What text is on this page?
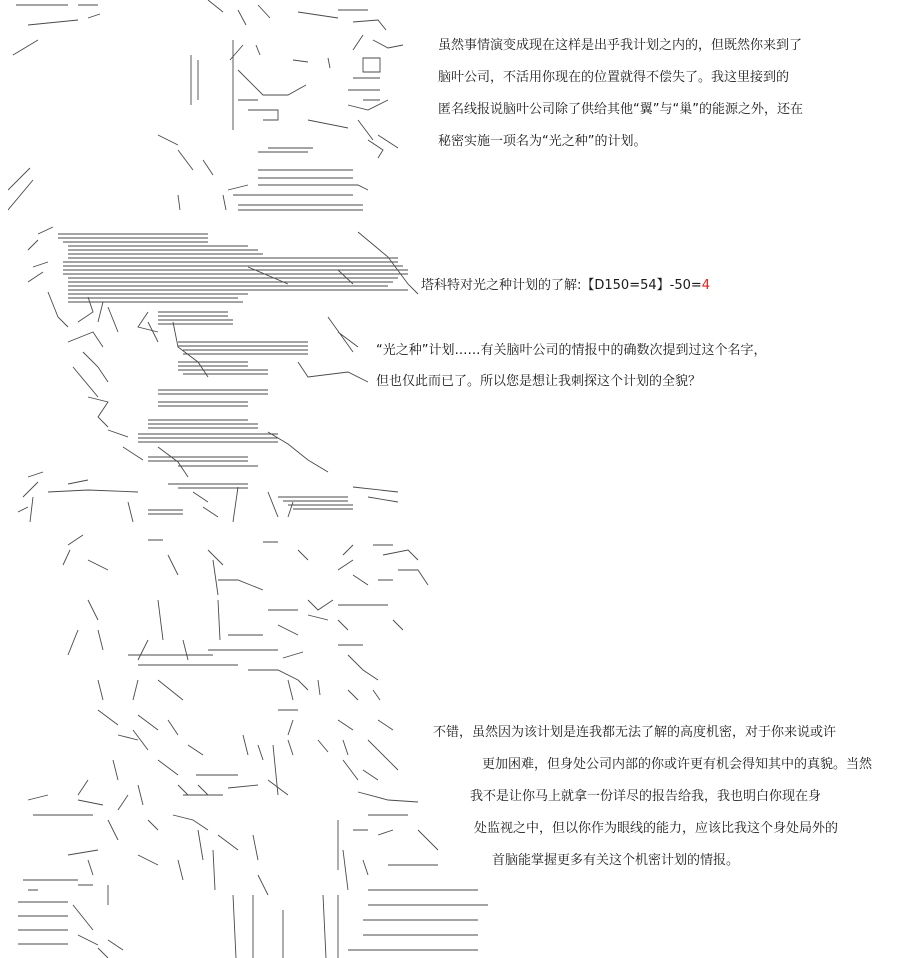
虽然事情演变成现在这样是出乎我计划之内的，但既然你来到了
脑叶公司，不活用你现在的位置就得不偿失了。我这里接到的
匿名线报说脑叶公司除了供给其他“翼”与“巢”的能源之外，还在
秘密实施一项名为“光之种”的计划。
塔科特对光之种计划的了解:【D150=54】-50=4
“光之种”计划……有关脑叶公司的情报中的确数次提到过这个名字，
但也仅此而已了。所以您是想让我刺探这个计划的全貌？
不错，虽然因为该计划是连我都无法了解的高度机密，对于你来说或许
更加困难，但身处公司内部的你或许更有机会得知其中的真貌。当然
我不是让你马上就拿一份详尽的报告给我，我也明白你现在身
处监视之中，但以你作为眼线的能力，应该比我这个身处局外的
首脑能掌握更多有关这个机密计划的情报。
